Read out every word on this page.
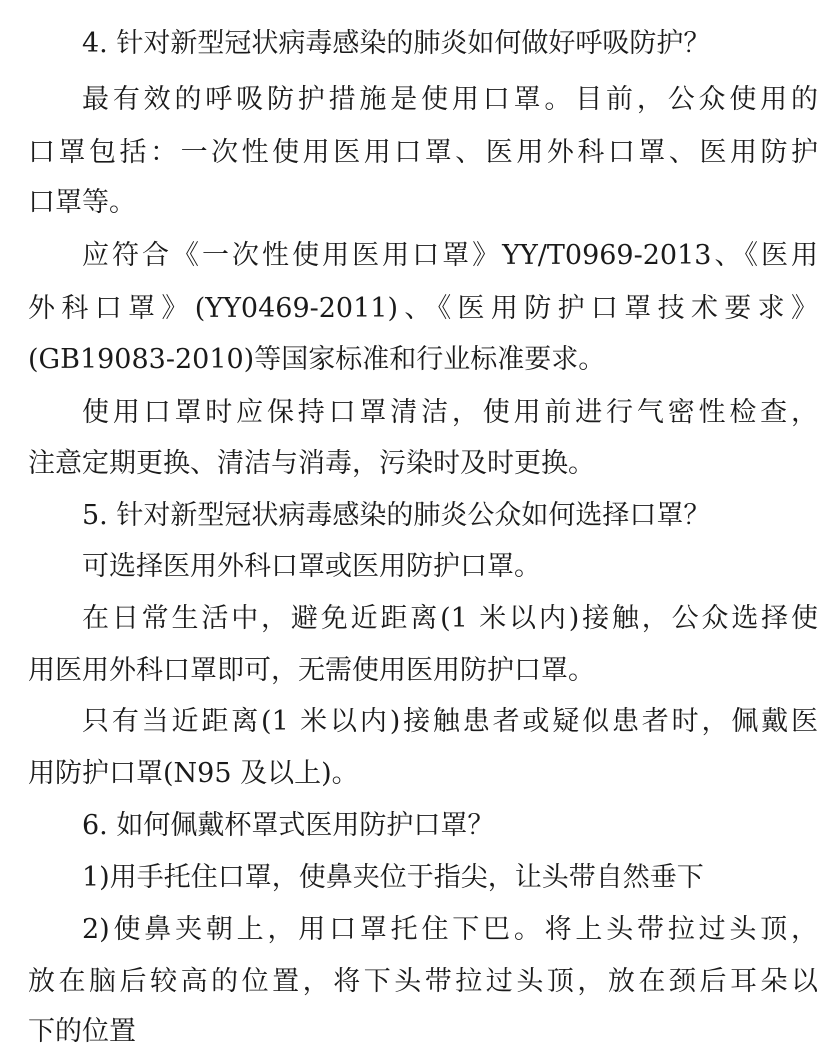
4. 针对新型冠状病毒感染的肺炎如何做好呼吸防护？
最有效的呼吸防护措施是使用口罩。目前，公众使用的
口罩包括：一次性使用医用口罩、医用外科口罩、医用防护
口罩等。
应符合《一次性使用医用口罩》YY/T0969-2013、《医用
外科口罩》(YY0469-2011)、《医用防护口罩技术要求》
(GB19083-2010)等国家标准和行业标准要求。
使用口罩时应保持口罩清洁，使用前进行气密性检查，
注意定期更换、清洁与消毒，污染时及时更换。
5. 针对新型冠状病毒感染的肺炎公众如何选择口罩？
可选择医用外科口罩或医用防护口罩。
在日常生活中，避免近距离(1 米以内)接触，公众选择使
用医用外科口罩即可，无需使用医用防护口罩。
只有当近距离(1 米以内)接触患者或疑似患者时，佩戴医
用防护口罩(N95 及以上)。
6. 如何佩戴杯罩式医用防护口罩？
1)用手托住口罩，使鼻夹位于指尖，让头带自然垂下
2)使鼻夹朝上，用口罩托住下巴。将上头带拉过头顶，
放在脑后较高的位置，将下头带拉过头顶，放在颈后耳朵以
下的位置
